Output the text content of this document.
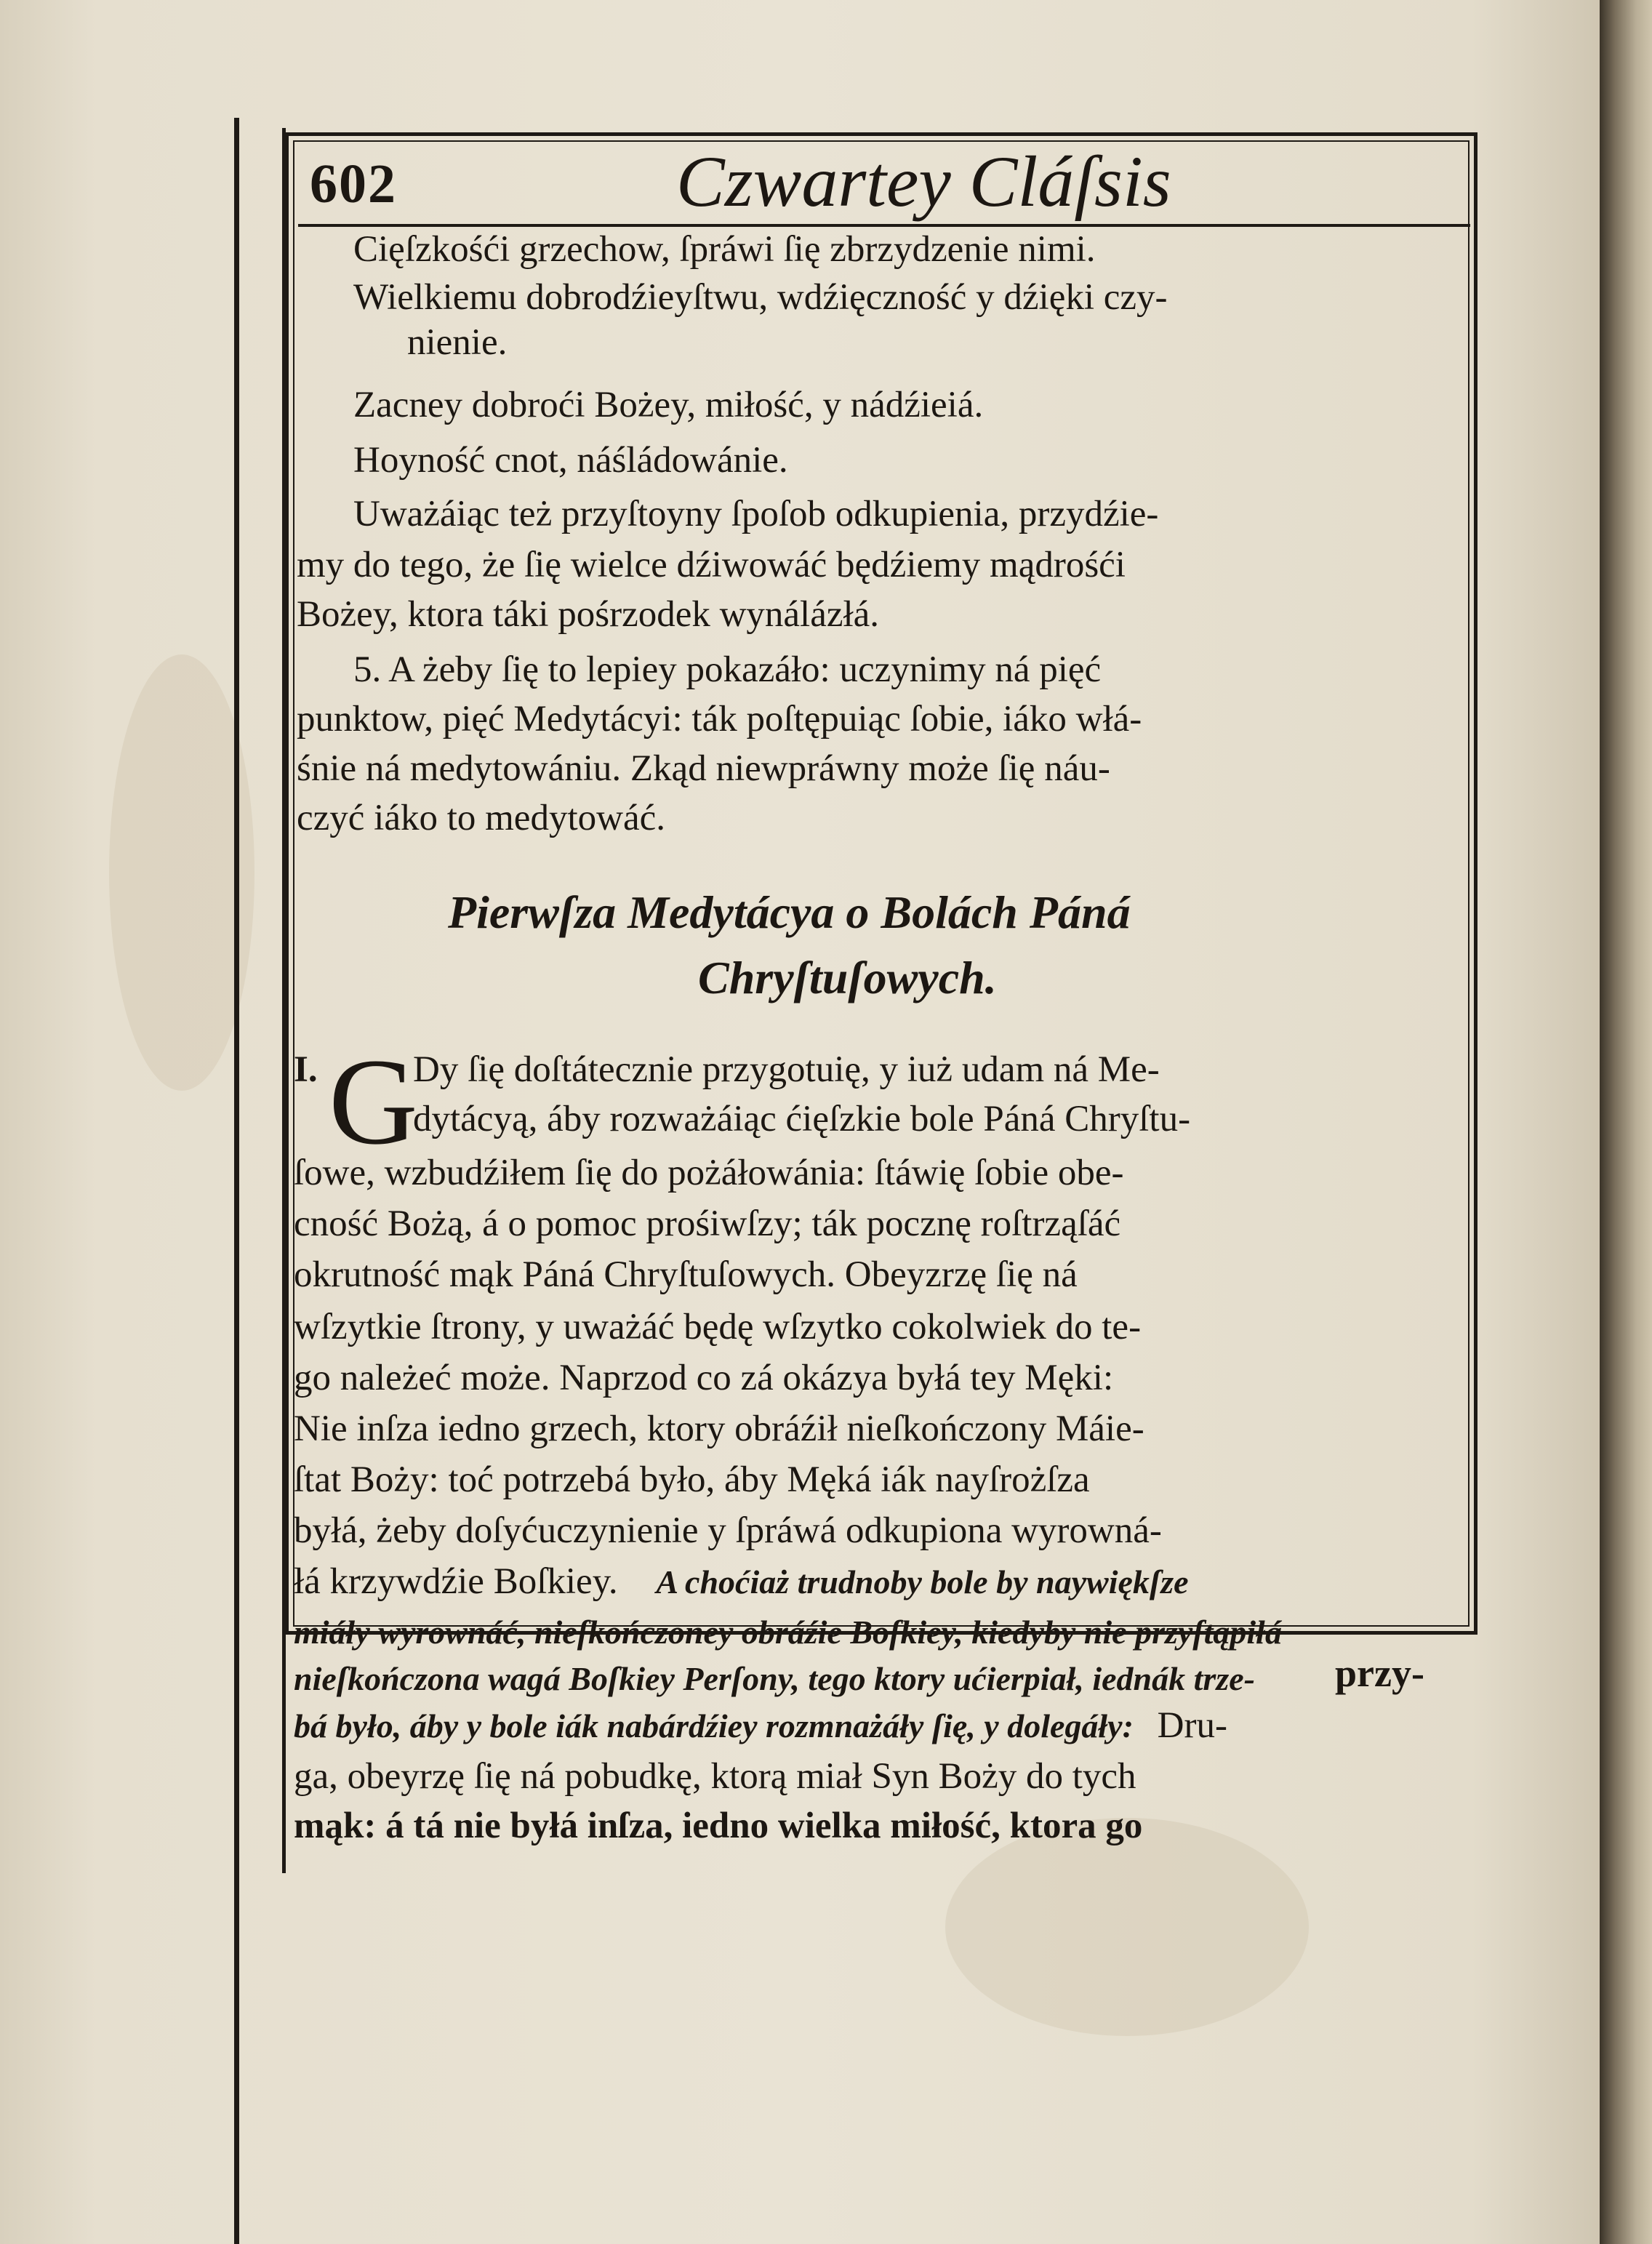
602	Czwartey Cláſsis
Cięſzkośći grzechow, ſpráwi ſię zbrzydzenie nimi.
Wielkiemu dobrodźieyſtwu, wdźięczność y dźięki czy-
nienie.
Zacney dobroći Bożey, miłość, y nádźieiá.
Hoyność cnot, náśládowánie.
Uważáiąc też przyſtoyny ſpoſob odkupienia, przydźie-
my do tego, że ſię wielce dźiwowáć będźiemy mądrośći
Bożey, ktora táki pośrzodek wynálázłá.
5. A żeby ſię to lepiey pokazáło: uczynimy ná pięć
punktow, pięć Medytácyi: ták poſtępuiąc ſobie, iáko włá-
śnie ná medytowániu. Zkąd niewpráwny może ſię náu-
czyć iáko to medytowáć.
Pierwſza Medytácya o Bolách Páná
Chryſtuſowych.
I. G
Dy ſię doſtátecznie przygotuię, y iuż udam ná Me-
dytácyą, áby rozważáiąc ćięſzkie bole Páná Chryſtu-
ſowe, wzbudźiłem ſię do pożáłowánia: ſtáwię ſobie obe-
cność Bożą, á o pomoc prośiwſzy; ták pocznę roſtrząſáć
okrutność mąk Páná Chryſtuſowych. Obeyzrzę ſię ná
wſzytkie ſtrony, y uważáć będę wſzytko cokolwiek do te-
go należeć może. Naprzod co zá okázya byłá tey Męki:
Nie inſza iedno grzech, ktory obráźił nieſkończony Máie-
ſtat Boży: toć potrzebá było, áby Męká iák nayſrożſza
byłá, żeby doſyćuczynienie y ſpráwá odkupiona wyrowná-
łá krzywdźie Boſkiey. A choćiaż trudnoby bole by naywiękſze
miáły wyrownáć, nieſkończoney obráźie Boſkiey, kiedyby nie przyſtąpiłá
nieſkończona wagá Boſkiey Perſony, tego ktory ućierpiał, iednák trze-
bá było, áby y bole iák nabárdźiey rozmnażáły ſię, y dolegáły: Dru-
ga, obeyrzę ſię ná pobudkę, ktorą miał Syn Boży do tych
mąk: á tá nie byłá inſza, iedno wielka miłość, ktora go
przy-
